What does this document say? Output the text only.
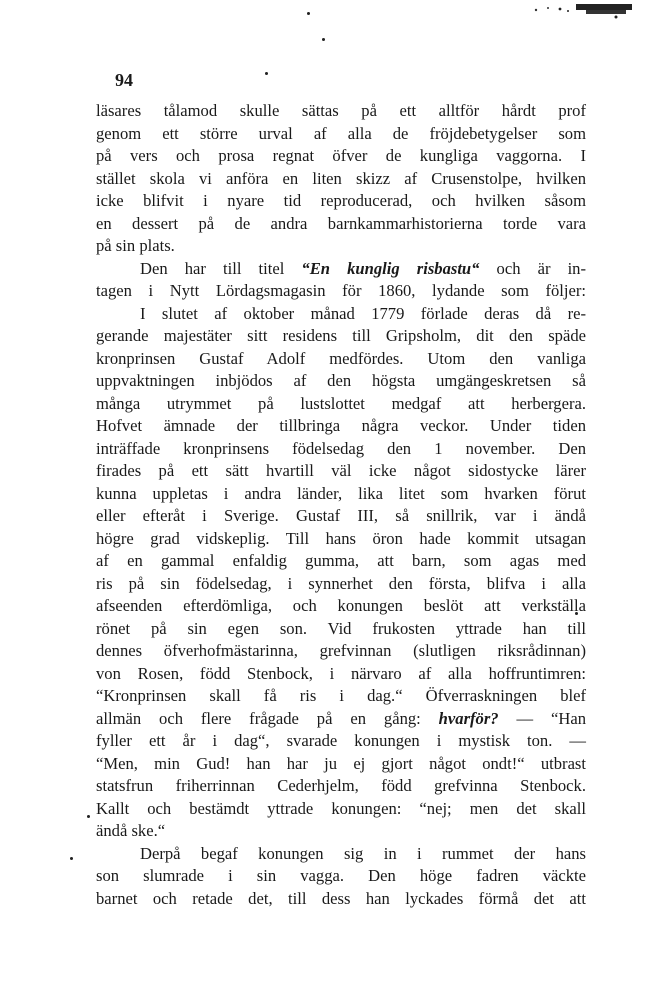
94

läsares tålamod skulle sättas på ett alltför hårdt prof
genom ett större urval af alla de fröjdebetygelser som
på vers och prosa regnat öfver de kungliga vaggorna. I
stället skola vi anföra en liten skizz af Crusenstolpe, hvilken
icke blifvit i nyare tid reproducerad, och hvilken såsom
en dessert på de andra barnkammarhistorierna torde vara
på sin plats.
Den har till titel “En kunglig risbastu“ och är in-
tagen i Nytt Lördagsmagasin för 1860, lydande som följer:
I slutet af oktober månad 1779 förlade deras då re-
gerande majestäter sitt residens till Gripsholm, dit den späde
kronprinsen Gustaf Adolf medfördes. Utom den vanliga
uppvaktningen inbjödos af den högsta umgängeskretsen så
många utrymmet på lustslottet medgaf att herbergera.
Hofvet ämnade der tillbringa några veckor. Under tiden
inträffade kronprinsens födelsedag den 1 november. Den
firades på ett sätt hvartill väl icke något sidostycke lärer
kunna uppletas i andra länder, lika litet som hvarken förut
eller efteråt i Sverige. Gustaf III, så snillrik, var i ändå
högre grad vidskeplig. Till hans öron hade kommit utsagan
af en gammal enfaldig gumma, att barn, som agas med
ris på sin födelsedag, i synnerhet den första, blifva i alla
afseenden efterdömliga, och konungen beslöt att verkställa
rönet på sin egen son. Vid frukosten yttrade han till
dennes öfverhofmästarinna, grefvinnan (slutligen riksrådinnan)
von Rosen, född Stenbock, i närvaro af alla hoffruntimren:
“Kronprinsen skall få ris i dag.“ Öfverraskningen blef
allmän och flere frågade på en gång: hvarför? — “Han
fyller ett år i dag“, svarade konungen i mystisk ton. —
“Men, min Gud! han har ju ej gjort något ondt!“ utbrast
statsfrun friherrinnan Cederhjelm, född grefvinna Stenbock.
Kallt och bestämdt yttrade konungen: “nej; men det skall
ändå ske.“
Derpå begaf konungen sig in i rummet der hans
son slumrade i sin vagga. Den höge fadren väckte
barnet och retade det, till dess han lyckades förmå det att
